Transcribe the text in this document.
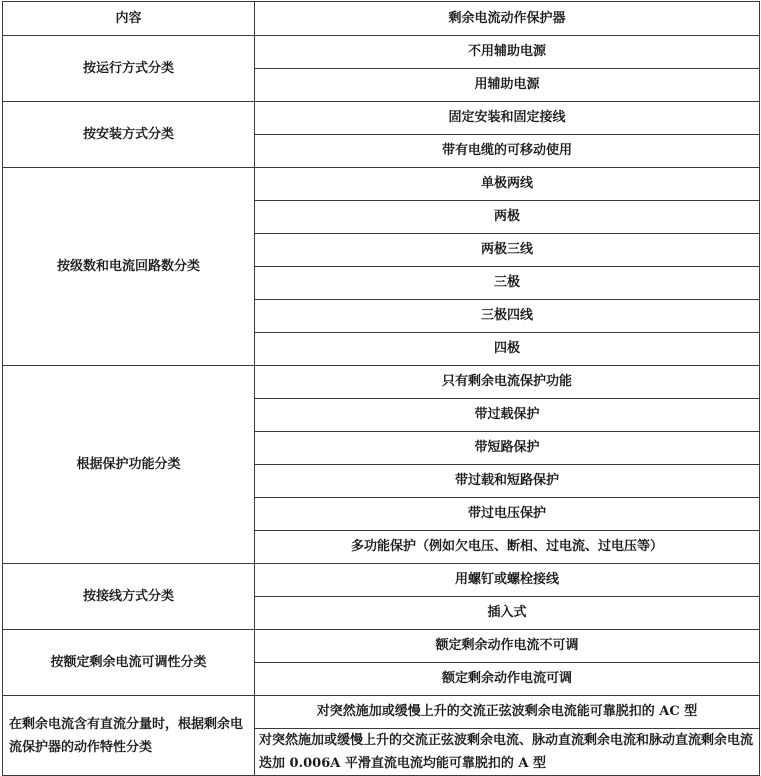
内容	剩余电流动作保护器
按运行方式分类	不用辅助电源
	用辅助电源
按安装方式分类	固定安装和固定接线
	带有电缆的可移动使用
按级数和电流回路数分类	单极两线
	两极
	两极三线
	三极
	三极四线
	四极
根据保护功能分类	只有剩余电流保护功能
	带过载保护
	带短路保护
	带过载和短路保护
	带过电压保护
	多功能保护（例如欠电压、断相、过电流、过电压等）
按接线方式分类	用螺钉或螺栓接线
	插入式
按额定剩余电流可调性分类	额定剩余动作电流不可调
	额定剩余动作电流可调
在剩余电流含有直流分量时，根据剩余电流保护器的动作特性分类	对突然施加或缓慢上升的交流正弦波剩余电流能可靠脱扣的 AC 型
	对突然施加或缓慢上升的交流正弦波剩余电流、脉动直流剩余电流和脉动直流剩余电流迭加 0.006A 平滑直流电流均能可靠脱扣的 A 型
